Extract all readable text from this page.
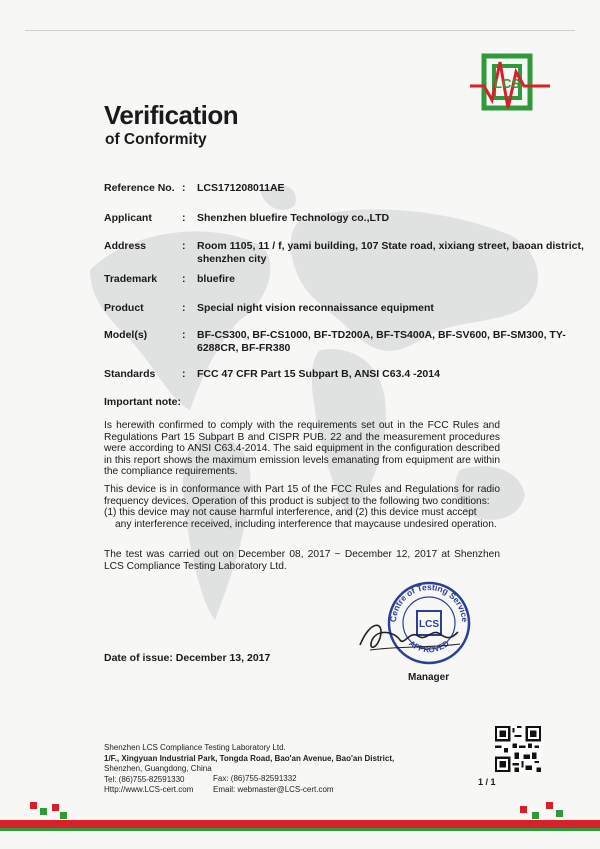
LCS
Verification
of Conformity
Reference No. : LCS171208011AE
Applicant	: Shenzhen bluefire Technology co.,LTD
Address	: Room 1105, 11 / f, yami building, 107 State road, xixiang street, baoan district, shenzhen city
Trademark	: bluefire
Product	: Special night vision reconnaissance equipment
Model(s)	: BF-CS300, BF-CS1000, BF-TD200A, BF-TS400A, BF-SV600, BF-SM300, TY-6288CR, BF-FR380
Standards	: FCC 47 CFR Part 15 Subpart B, ANSI C63.4 -2014
Important note:

Is herewith confirmed to comply with the requirements set out in the FCC Rules and Regulations Part 15 Subpart B and CISPR PUB. 22 and the measurement procedures were according to ANSI C63.4-2014. The said equipment in the configuration described in this report shows the maximum emission levels emanating from equipment are within the compliance requirements.

This device is in conformance with Part 15 of the FCC Rules and Regulations for radio frequency devices. Operation of this product is subject to the following two conditions:

(1) this device may not cause harmful interference, and (2) this device must accept

any interference received, including interference that maycause undesired operation.

The test was carried out on December 08, 2017 ~ December 12, 2017 at Shenzhen LCS Compliance Testing Laboratory Ltd.

Centre of Testing Service
APPROVED
LCS
Date of issue: December 13, 2017
Manager
Shenzhen LCS Compliance Testing Laboratory Ltd.
1/F., Xingyuan Industrial Park, Tongda Road, Bao'an Avenue, Bao'an District,
Shenzhen, Guangdong, China
Tel: (86)755-82591330
Http://www.LCS-cert.com
Fax: (86)755-82591332
Email: webmaster@LCS-cert.com
1 / 1
